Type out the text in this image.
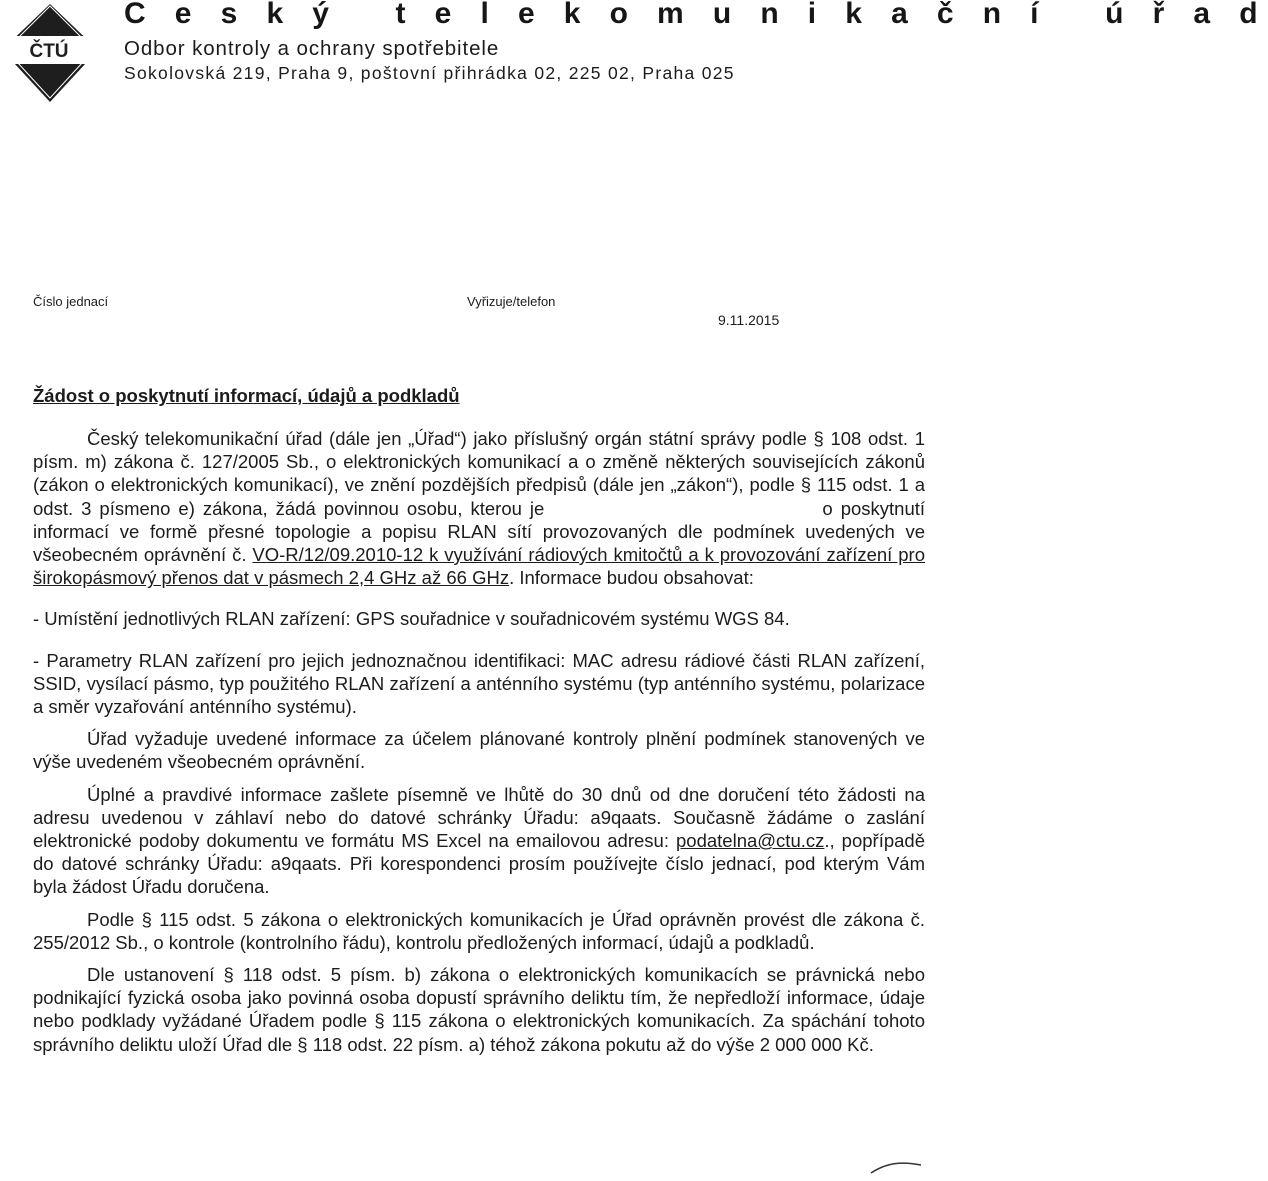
ČTÚ
C e s k ý   t e l e k o m u n i k a č n í   ú ř a d
Odbor kontroly a ochrany spotřebitele
Sokolovská 219, Praha 9, poštovní přihrádka 02, 225 02, Praha 025
Číslo jednací	Vyřizuje/telefon
9.11.2015
Žádost o poskytnutí informací, údajů a podkladů

Český telekomunikační úřad (dále jen „Úřad“) jako příslušný orgán státní správy podle § 108 odst. 1 písm. m) zákona č. 127/2005 Sb., o elektronických komunikací a o změně některých souvisejících zákonů (zákon o elektronických komunikací), ve znění pozdějších předpisů (dále jen „zákon“), podle § 115 odst. 1 a odst. 3 písmeno e) zákona, žádá povinnou osobu, kterou je	o poskytnutí informací ve formě přesné topologie a popisu RLAN sítí provozovaných dle podmínek uvedených ve všeobecném oprávnění č. VO-R/12/09.2010-12 k využívání rádiových kmitočtů a k provozování zařízení pro širokopásmový přenos dat v pásmech 2,4 GHz až 66 GHz. Informace budou obsahovat:

- Umístění jednotlivých RLAN zařízení: GPS souřadnice v souřadnicovém systému WGS 84.

- Parametry RLAN zařízení pro jejich jednoznačnou identifikaci: MAC adresu rádiové části RLAN zařízení, SSID, vysílací pásmo, typ použitého RLAN zařízení a anténního systému (typ anténního systému, polarizace a směr vyzařování anténního systému).

Úřad vyžaduje uvedené informace za účelem plánované kontroly plnění podmínek stanovených ve výše uvedeném všeobecném oprávnění.

Úplné a pravdivé informace zašlete písemně ve lhůtě do 30 dnů od dne doručení této žádosti na adresu uvedenou v záhlaví nebo do datové schránky Úřadu: a9qaats. Současně žádáme o zaslání elektronické podoby dokumentu ve formátu MS Excel na emailovou adresu: podatelna@ctu.cz., popřípadě do datové schránky Úřadu: a9qaats. Při korespondenci prosím používejte číslo jednací, pod kterým Vám byla žádost Úřadu doručena.

Podle § 115 odst. 5 zákona o elektronických komunikacích je Úřad oprávněn provést dle zákona č. 255/2012 Sb., o kontrole (kontrolního řádu), kontrolu předložených informací, údajů a podkladů.

Dle ustanovení § 118 odst. 5 písm. b) zákona o elektronických komunikacích se právnická nebo podnikající fyzická osoba jako povinná osoba dopustí správního deliktu tím, že nepředloží informace, údaje nebo podklady vyžádané Úřadem podle § 115 zákona o elektronických komunikacích. Za spáchání tohoto správního deliktu uloží Úřad dle § 118 odst. 22 písm. a) téhož zákona pokutu až do výše 2 000 000 Kč.
